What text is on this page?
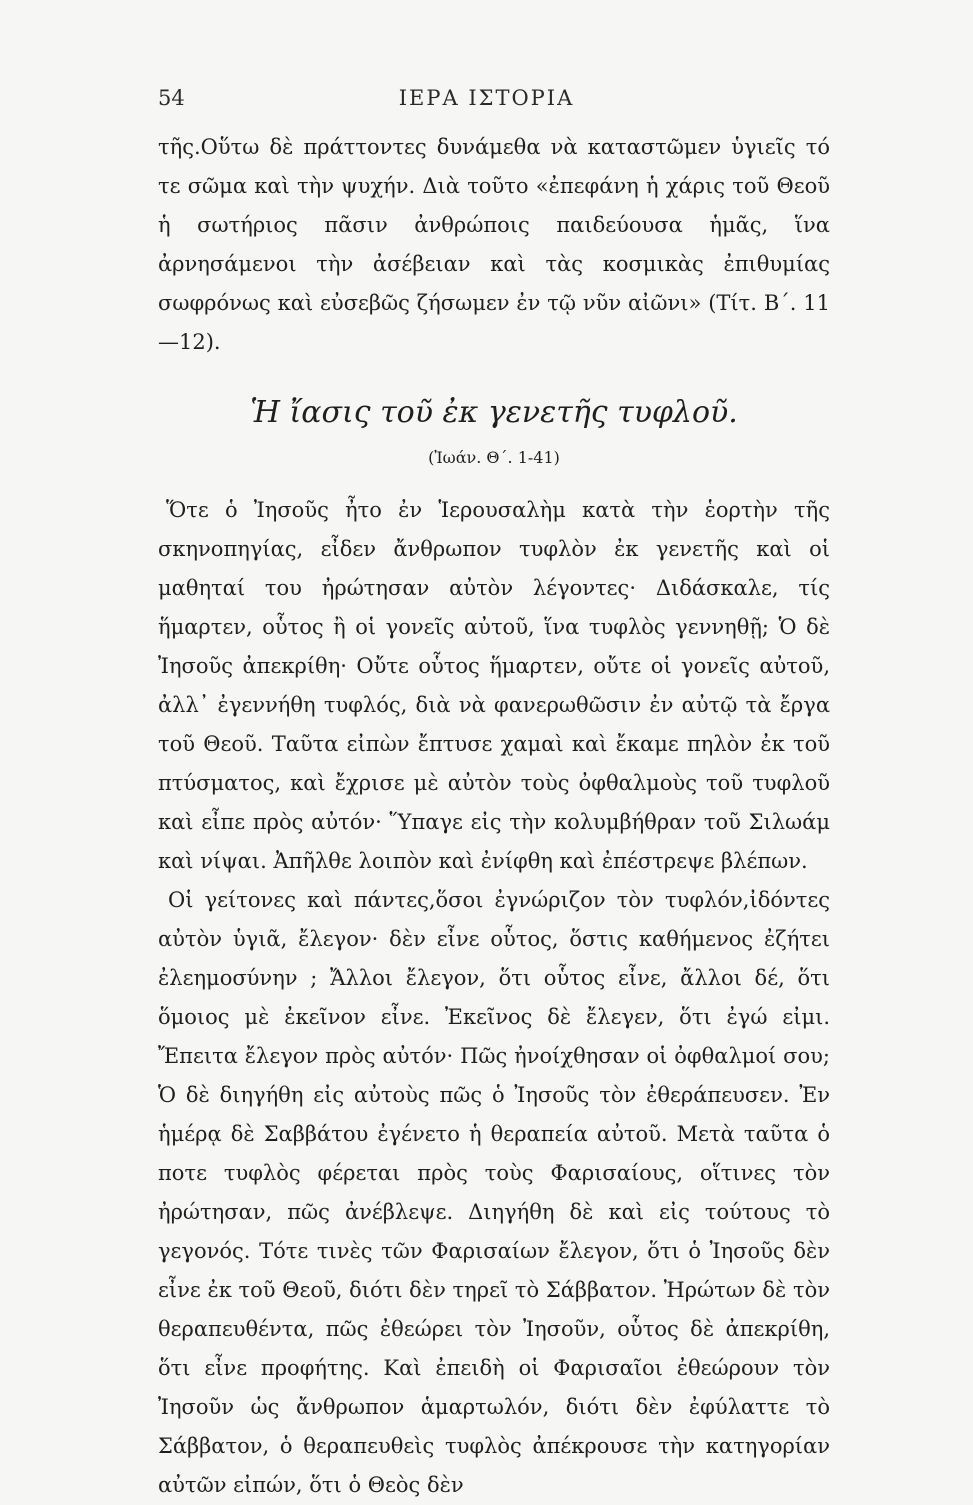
54	ΙΕΡΑ ΙΣΤΟΡΙΑ

τῆς.Οὕτω δὲ πράττοντες δυνάμεθα νὰ καταστῶμεν ὑγιεῖς τό τε σῶμα καὶ τὴν ψυχήν. Διὰ τοῦτο «ἐπεφάνη ἡ χάρις τοῦ Θεοῦ ἡ σωτήριος πᾶσιν ἀνθρώποις παιδεύουσα ἡμᾶς, ἵνα ἀρνησάμενοι τὴν ἀσέβειαν καὶ τὰς κοσμικὰς ἐπιθυμίας σωφρόνως καὶ εὐσεβῶς ζήσωμεν ἐν τῷ νῦν αἰῶνι» (Τίτ. Β΄. 11—12).

Ἡ ἴασις τοῦ ἐκ γενετῆς τυφλοῦ.
(Ἰωάν. Θ΄. 1-41)

Ὅτε ὁ Ἰησοῦς ἦτο ἐν Ἱερουσαλὴμ κατὰ τὴν ἑορτὴν τῆς σκηνοπηγίας, εἶδεν ἄνθρωπον τυφλὸν ἐκ γενετῆς καὶ οἱ μαθηταί του ἠρώτησαν αὐτὸν λέγοντες· Διδάσκαλε, τίς ἥμαρτεν, οὗτος ἢ οἱ γονεῖς αὐτοῦ, ἵνα τυφλὸς γεννηθῇ; Ὁ δὲ Ἰησοῦς ἀπεκρίθη· Οὔτε οὗτος ἥμαρτεν, οὔτε οἱ γονεῖς αὐτοῦ, ἀλλ᾽ ἐγεννήθη τυφλός, διὰ νὰ φανερωθῶσιν ἐν αὐτῷ τὰ ἔργα τοῦ Θεοῦ. Ταῦτα εἰπὼν ἔπτυσε χαμαὶ καὶ ἔκαμε πηλὸν ἐκ τοῦ πτύσματος, καὶ ἔχρισε μὲ αὐτὸν τοὺς ὀφθαλμοὺς τοῦ τυφλοῦ καὶ εἶπε πρὸς αὐτόν· Ὕπαγε εἰς τὴν κολυμβήθραν τοῦ Σιλωάμ καὶ νίψαι. Ἀπῆλθε λοιπὸν καὶ ἐνίφθη καὶ ἐπέστρεψε βλέπων.

Οἱ γείτονες καὶ πάντες,ὅσοι ἐγνώριζον τὸν τυφλόν,ἰδόντες αὐτὸν ὑγιᾶ, ἔλεγον· δὲν εἶνε οὗτος, ὅστις καθήμενος ἐζήτει ἐλεημοσύνην ; Ἄλλοι ἔλεγον, ὅτι οὗτος εἶνε, ἄλλοι δέ, ὅτι ὅμοιος μὲ ἐκεῖνον εἶνε. Ἐκεῖνος δὲ ἔλεγεν, ὅτι ἐγώ εἰμι. Ἔπειτα ἔλεγον πρὸς αὐτόν· Πῶς ἠνοίχθησαν οἱ ὀφθαλμοί σου; Ὁ δὲ διηγήθη εἰς αὐτοὺς πῶς ὁ Ἰησοῦς τὸν ἐθεράπευσεν. Ἐν ἡμέρᾳ δὲ Σαββάτου ἐγένετο ἡ θεραπεία αὐτοῦ. Μετὰ ταῦτα ὁ ποτε τυφλὸς φέρεται πρὸς τοὺς Φαρισαίους, οἵτινες τὸν ἠρώτησαν, πῶς ἀνέβλεψε. Διηγήθη δὲ καὶ εἰς τούτους τὸ γεγονός. Τότε τινὲς τῶν Φαρισαίων ἔλεγον, ὅτι ὁ Ἰησοῦς δὲν εἶνε ἐκ τοῦ Θεοῦ, διότι δὲν τηρεῖ τὸ Σάββατον. Ἠρώτων δὲ τὸν θεραπευθέντα, πῶς ἐθεώρει τὸν Ἰησοῦν, οὗτος δὲ ἀπεκρίθη, ὅτι εἶνε προφήτης. Καὶ ἐπειδὴ οἱ Φαρισαῖοι ἐθεώρουν τὸν Ἰησοῦν ὡς ἄνθρωπον ἁμαρτωλόν, διότι δὲν ἐφύλαττε τὸ Σάββατον, ὁ θεραπευθεὶς τυφλὸς ἀπέκρουσε τὴν κατηγορίαν αὐτῶν εἰπών, ὅτι ὁ Θεὸς δὲν
